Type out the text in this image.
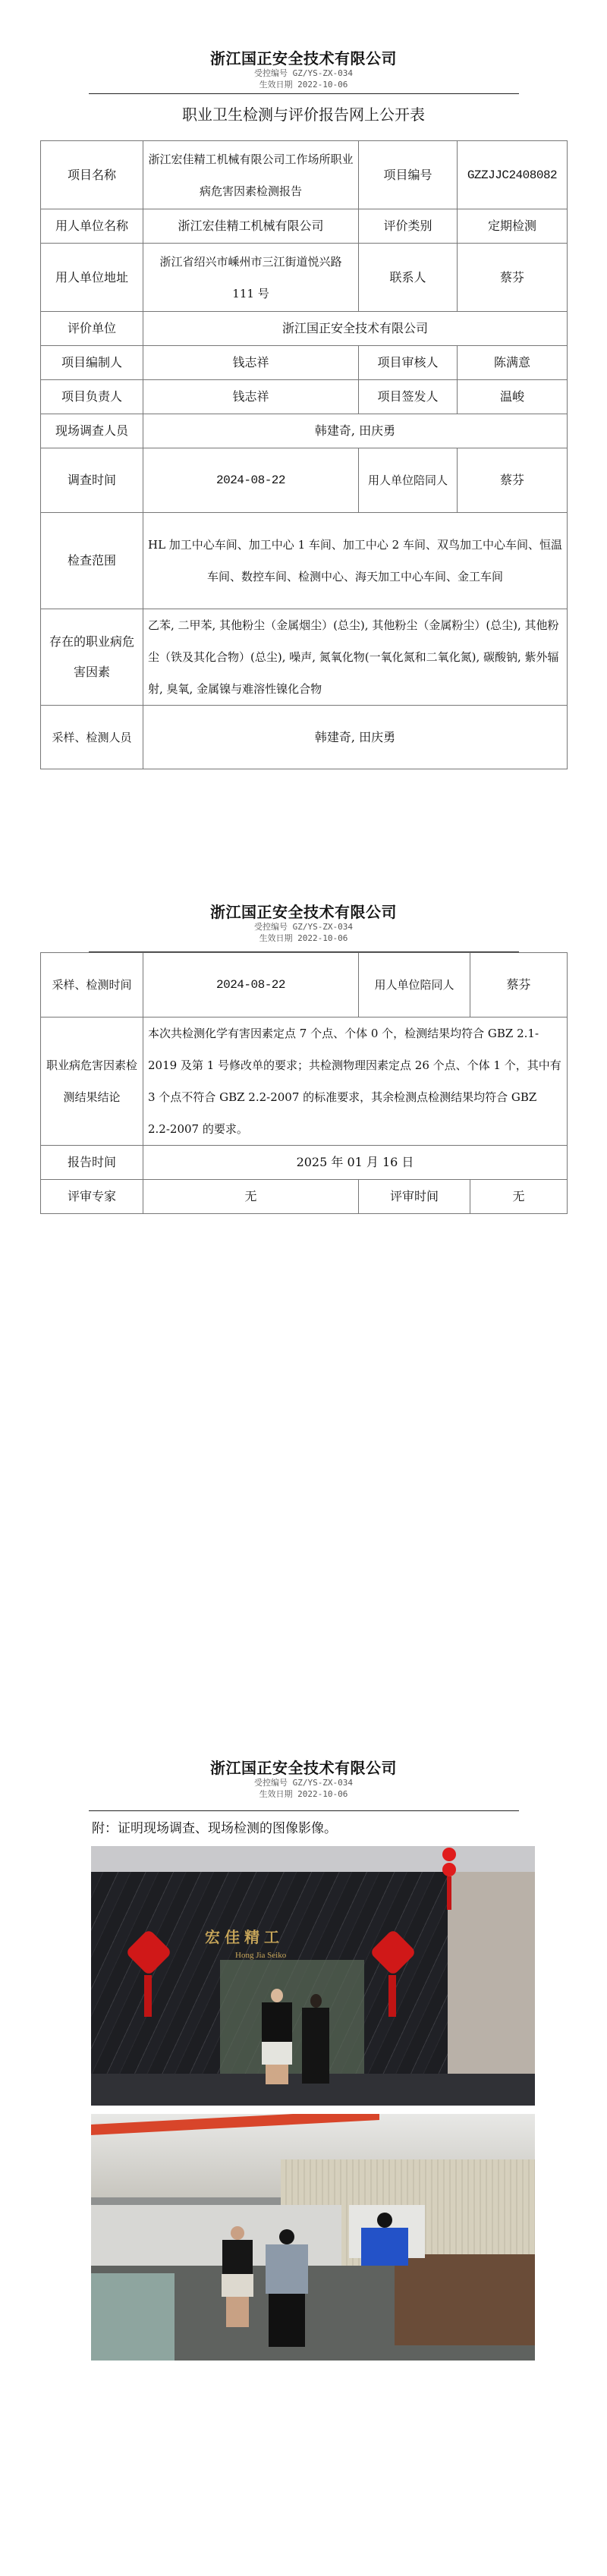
浙江国正安全技术有限公司
受控编号 GZ/YS-ZX-034
生效日期 2022-10-06
职业卫生检测与评价报告网上公开表
项目名称	浙江宏佳精工机械有限公司工作场所职业病危害因素检测报告	项目编号	GZZJJC2408082
用人单位名称	浙江宏佳精工机械有限公司	评价类别	定期检测
用人单位地址	浙江省绍兴市嵊州市三江街道悦兴路 111 号	联系人	蔡芬
评价单位	浙江国正安全技术有限公司		
项目编制人	钱志祥	项目审核人	陈满意
项目负责人	钱志祥	项目签发人	温峻
现场调查人员	韩建奇, 田庆勇		
调查时间	2024-08-22	用人单位陪同人	蔡芬
检查范围	HL 加工中心车间、加工中心 1 车间、加工中心 2 车间、双鸟加工中心车间、恒温车间、数控车间、检测中心、海天加工中心车间、金工车间		
存在的职业病危害因素	乙苯, 二甲苯, 其他粉尘（金属烟尘）(总尘), 其他粉尘（金属粉尘）(总尘), 其他粉尘（铁及其化合物）(总尘), 噪声, 氮氧化物(一氧化氮和二氧化氮), 碳酸钠, 紫外辐射, 臭氧, 金属镍与难溶性镍化合物		
采样、检测人员	韩建奇, 田庆勇		
浙江国正安全技术有限公司
受控编号 GZ/YS-ZX-034
生效日期 2022-10-06
采样、检测时间	2024-08-22	用人单位陪同人	蔡芬
职业病危害因素检测结果结论	本次共检测化学有害因素定点 7 个点、个体 0 个，检测结果均符合 GBZ 2.1-2019 及第 1 号修改单的要求；共检测物理因素定点 26 个点、个体 1 个，其中有 3 个点不符合 GBZ 2.2-2007 的标准要求，其余检测点检测结果均符合 GBZ 2.2-2007 的要求。		
报告时间	2025 年 01 月 16 日		
评审专家	无	评审时间	无
浙江国正安全技术有限公司
受控编号 GZ/YS-ZX-034
生效日期 2022-10-06
附：证明现场调查、现场检测的图像影像。
宏佳精工
Hong Jia Seiko
